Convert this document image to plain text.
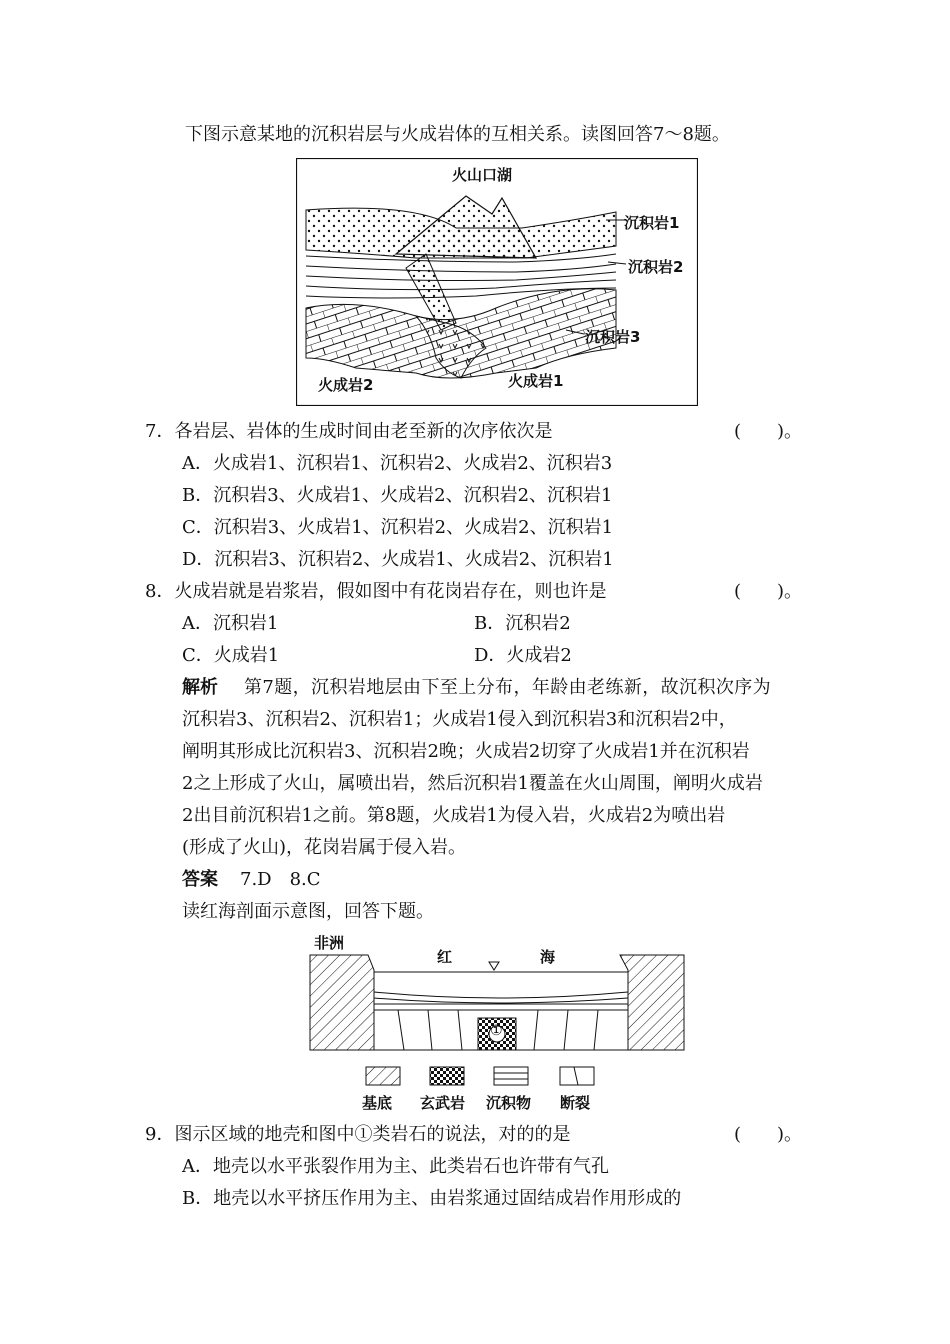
下图示意某地的沉积岩层与火成岩体的互相关系。读图回答7～8题。
火山口湖
沉积岩1
沉积岩2
沉积岩3
火成岩1
火成岩2
7．各岩层、岩体的生成时间由老至新的次序依次是	(　　)。
A．火成岩1、沉积岩1、沉积岩2、火成岩2、沉积岩3
B．沉积岩3、火成岩1、火成岩2、沉积岩2、沉积岩1
C．沉积岩3、火成岩1、沉积岩2、火成岩2、沉积岩1
D．沉积岩3、沉积岩2、火成岩1、火成岩2、沉积岩1
8．火成岩就是岩浆岩，假如图中有花岗岩存在，则也许是	(　　)。
A．沉积岩1	B．沉积岩2
C．火成岩1	D．火成岩2
解析 第7题，沉积岩地层由下至上分布，年龄由老练新，故沉积次序为
沉积岩3、沉积岩2、沉积岩1；火成岩1侵入到沉积岩3和沉积岩2中，
阐明其形成比沉积岩3、沉积岩2晚；火成岩2切穿了火成岩1并在沉积岩
2之上形成了火山，属喷出岩，然后沉积岩1覆盖在火山周围，阐明火成岩
2出目前沉积岩1之前。第8题，火成岩1为侵入岩，火成岩2为喷出岩
(形成了火山)，花岗岩属于侵入岩。
答案 7.D　8.C
读红海剖面示意图，回答下题。
非洲
红	海
①
基底 玄武岩 沉积物 断裂
9．图示区域的地壳和图中①类岩石的说法，对的的是	(　　)。
A．地壳以水平张裂作用为主、此类岩石也许带有气孔
B．地壳以水平挤压作用为主、由岩浆通过固结成岩作用形成的
